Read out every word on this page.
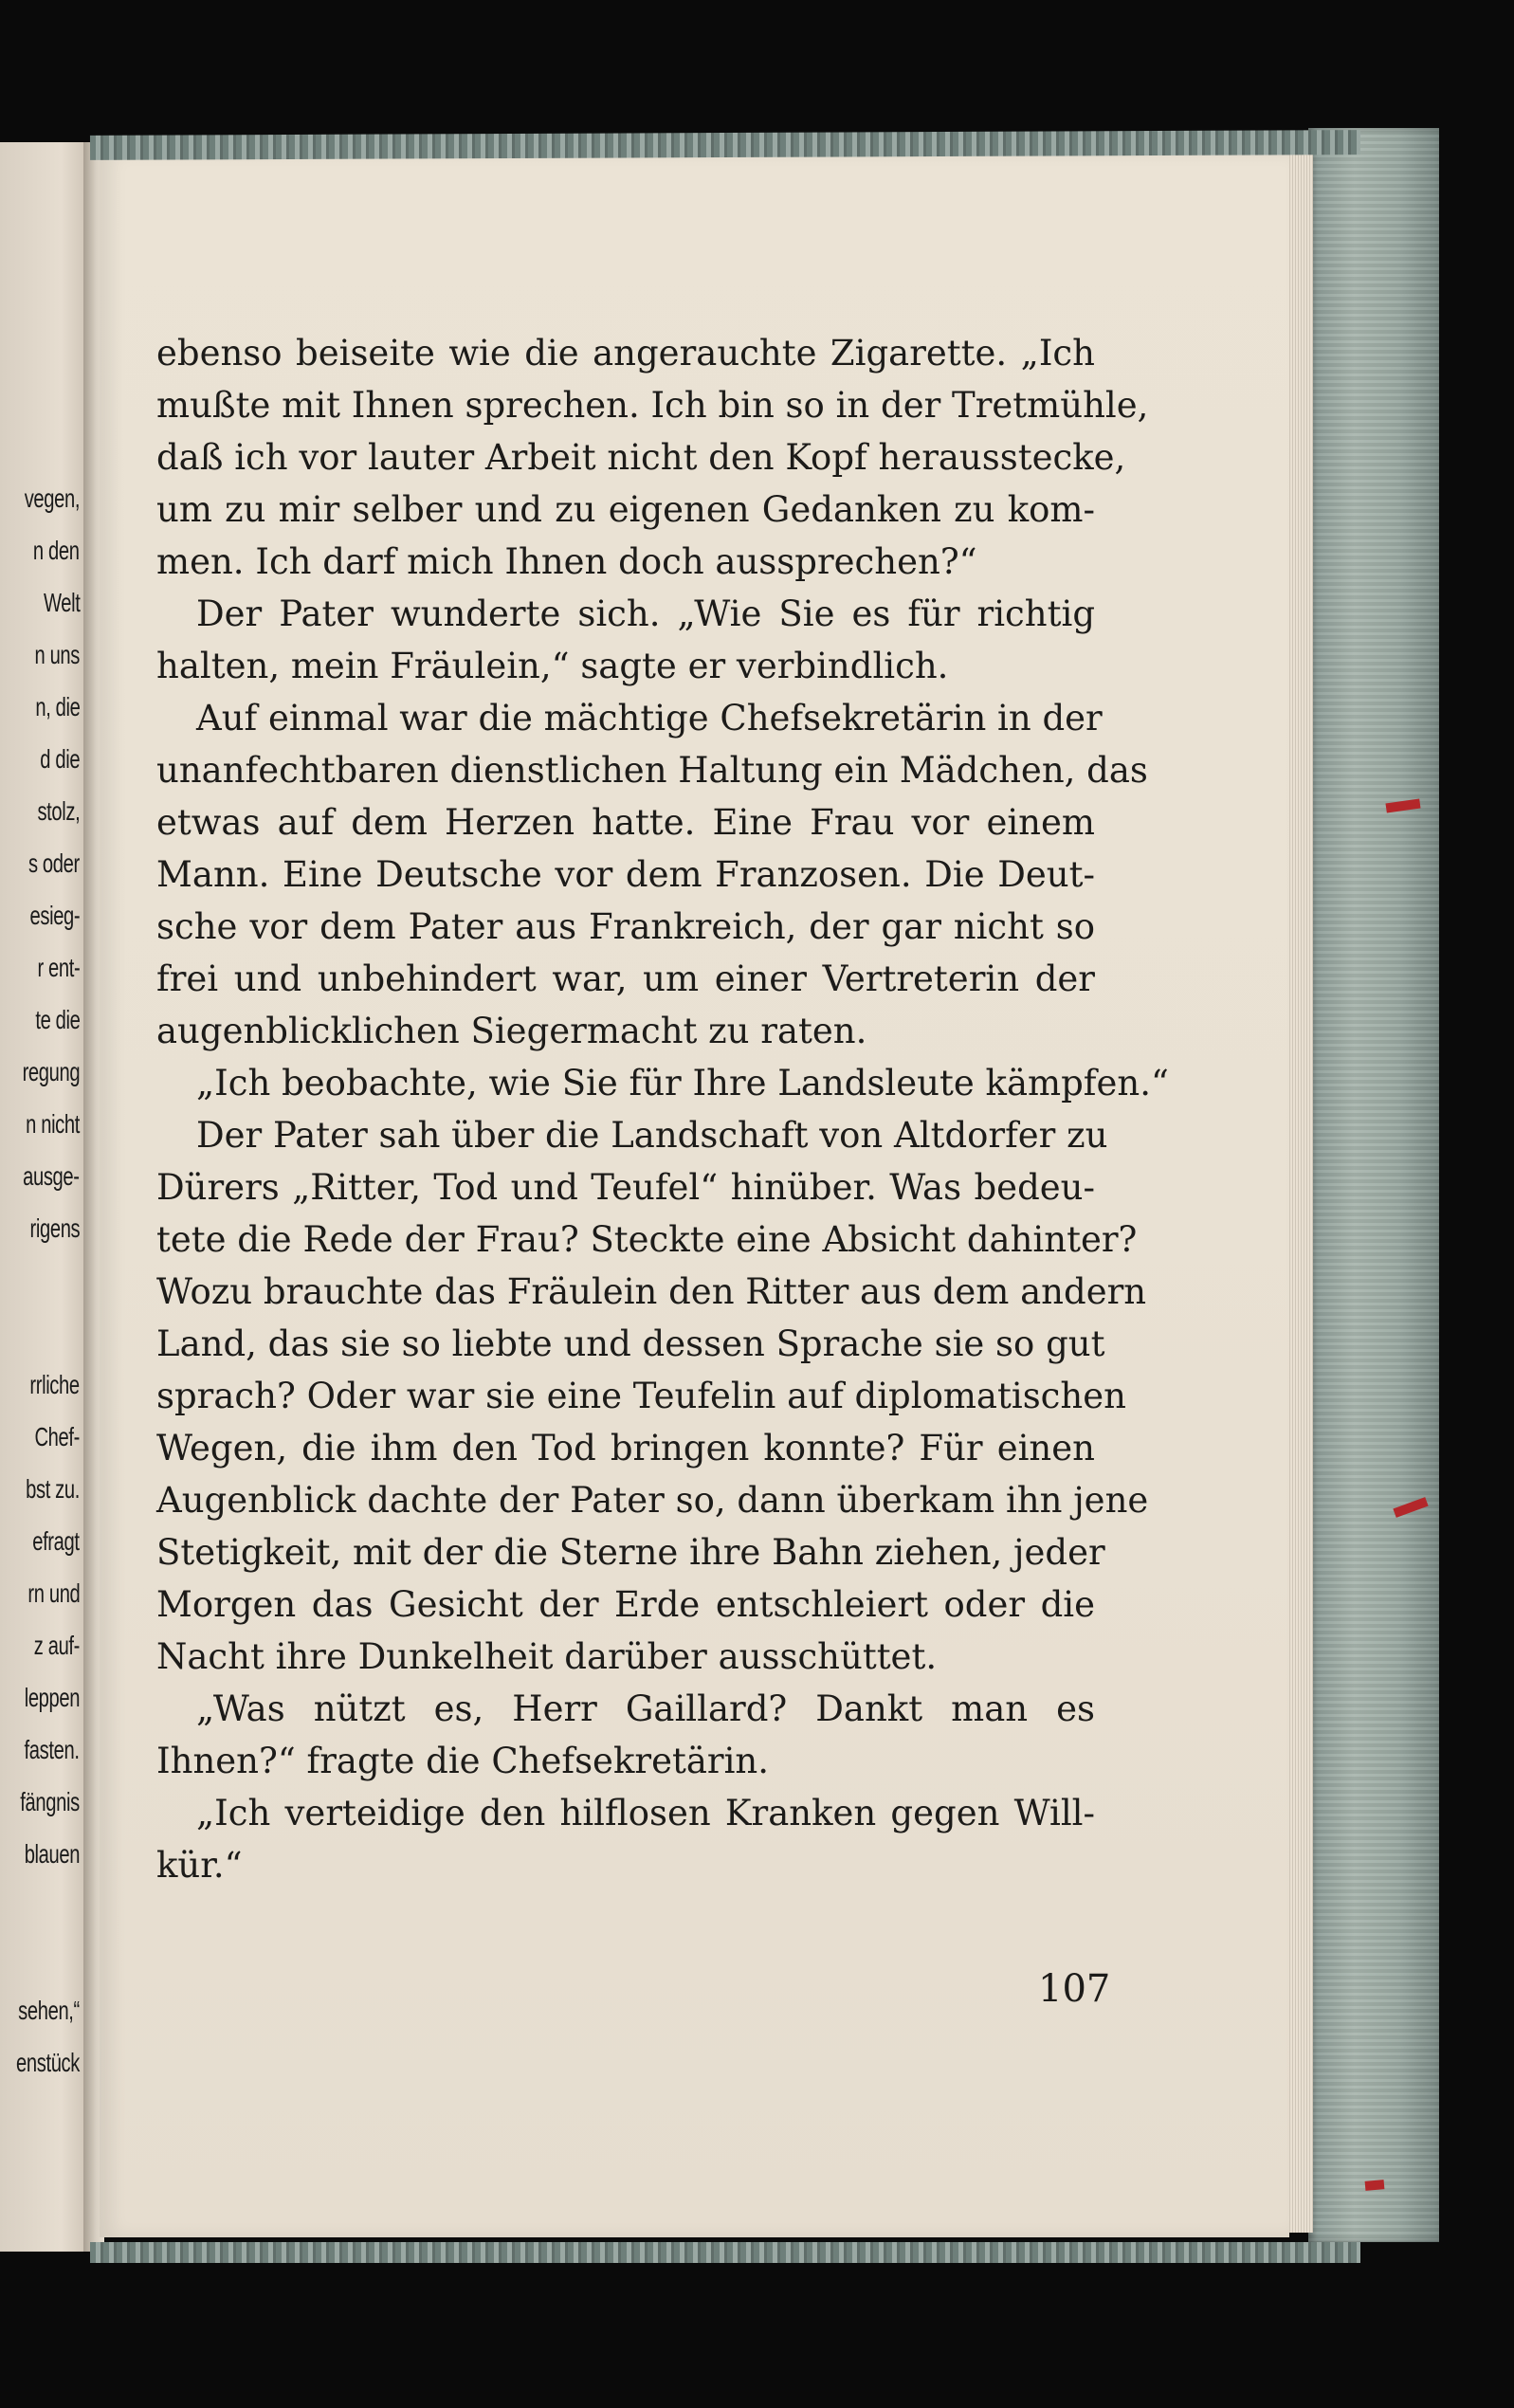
vegen,
n den
Welt
n uns
n, die
d die
stolz,
s oder
esieg-
r ent-
te die
regung
n nicht
ausge-
rigens
rrliche
Chef-
bst zu.
efragt
rn und
z auf-
leppen
fasten.
fängnis
blauen
sehen,“
enstück
ebenso beiseite wie die angerauchte Zigarette. „Ich
mußte mit Ihnen sprechen. Ich bin so in der Tretmühle,
daß ich vor lauter Arbeit nicht den Kopf herausstecke,
um zu mir selber und zu eigenen Gedanken zu kom-
men. Ich darf mich Ihnen doch aussprechen?“
Der Pater wunderte sich. „Wie Sie es für richtig
halten, mein Fräulein,“ sagte er verbindlich.
Auf einmal war die mächtige Chefsekretärin in der
unanfechtbaren dienstlichen Haltung ein Mädchen, das
etwas auf dem Herzen hatte. Eine Frau vor einem
Mann. Eine Deutsche vor dem Franzosen. Die Deut-
sche vor dem Pater aus Frankreich, der gar nicht so
frei und unbehindert war, um einer Vertreterin der
augenblicklichen Siegermacht zu raten.
„Ich beobachte, wie Sie für Ihre Landsleute kämpfen.“
Der Pater sah über die Landschaft von Altdorfer zu
Dürers „Ritter, Tod und Teufel“ hinüber. Was bedeu-
tete die Rede der Frau? Steckte eine Absicht dahinter?
Wozu brauchte das Fräulein den Ritter aus dem andern
Land, das sie so liebte und dessen Sprache sie so gut
sprach? Oder war sie eine Teufelin auf diplomatischen
Wegen, die ihm den Tod bringen konnte? Für einen
Augenblick dachte der Pater so, dann überkam ihn jene
Stetigkeit, mit der die Sterne ihre Bahn ziehen, jeder
Morgen das Gesicht der Erde entschleiert oder die
Nacht ihre Dunkelheit darüber ausschüttet.
„Was nützt es, Herr Gaillard? Dankt man es
Ihnen?“ fragte die Chefsekretärin.
„Ich verteidige den hilflosen Kranken gegen Will-
kür.“
107
